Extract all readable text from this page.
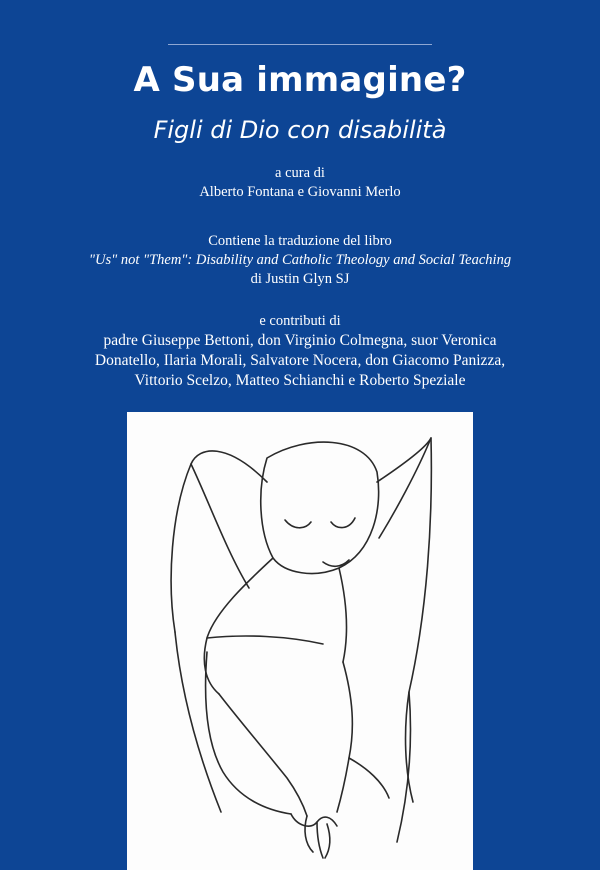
A Sua immagine?
Figli di Dio con disabilità
a cura di
Alberto Fontana e Giovanni Merlo
Contiene la traduzione del libro
"Us" not "Them": Disability and Catholic Theology and Social Teaching
di Justin Glyn SJ
e contributi di
padre Giuseppe Bettoni, don Virginio Colmegna, suor Veronica
Donatello, Ilaria Morali, Salvatore Nocera, don Giacomo Panizza,
Vittorio Scelzo, Matteo Schianchi e Roberto Speziale
